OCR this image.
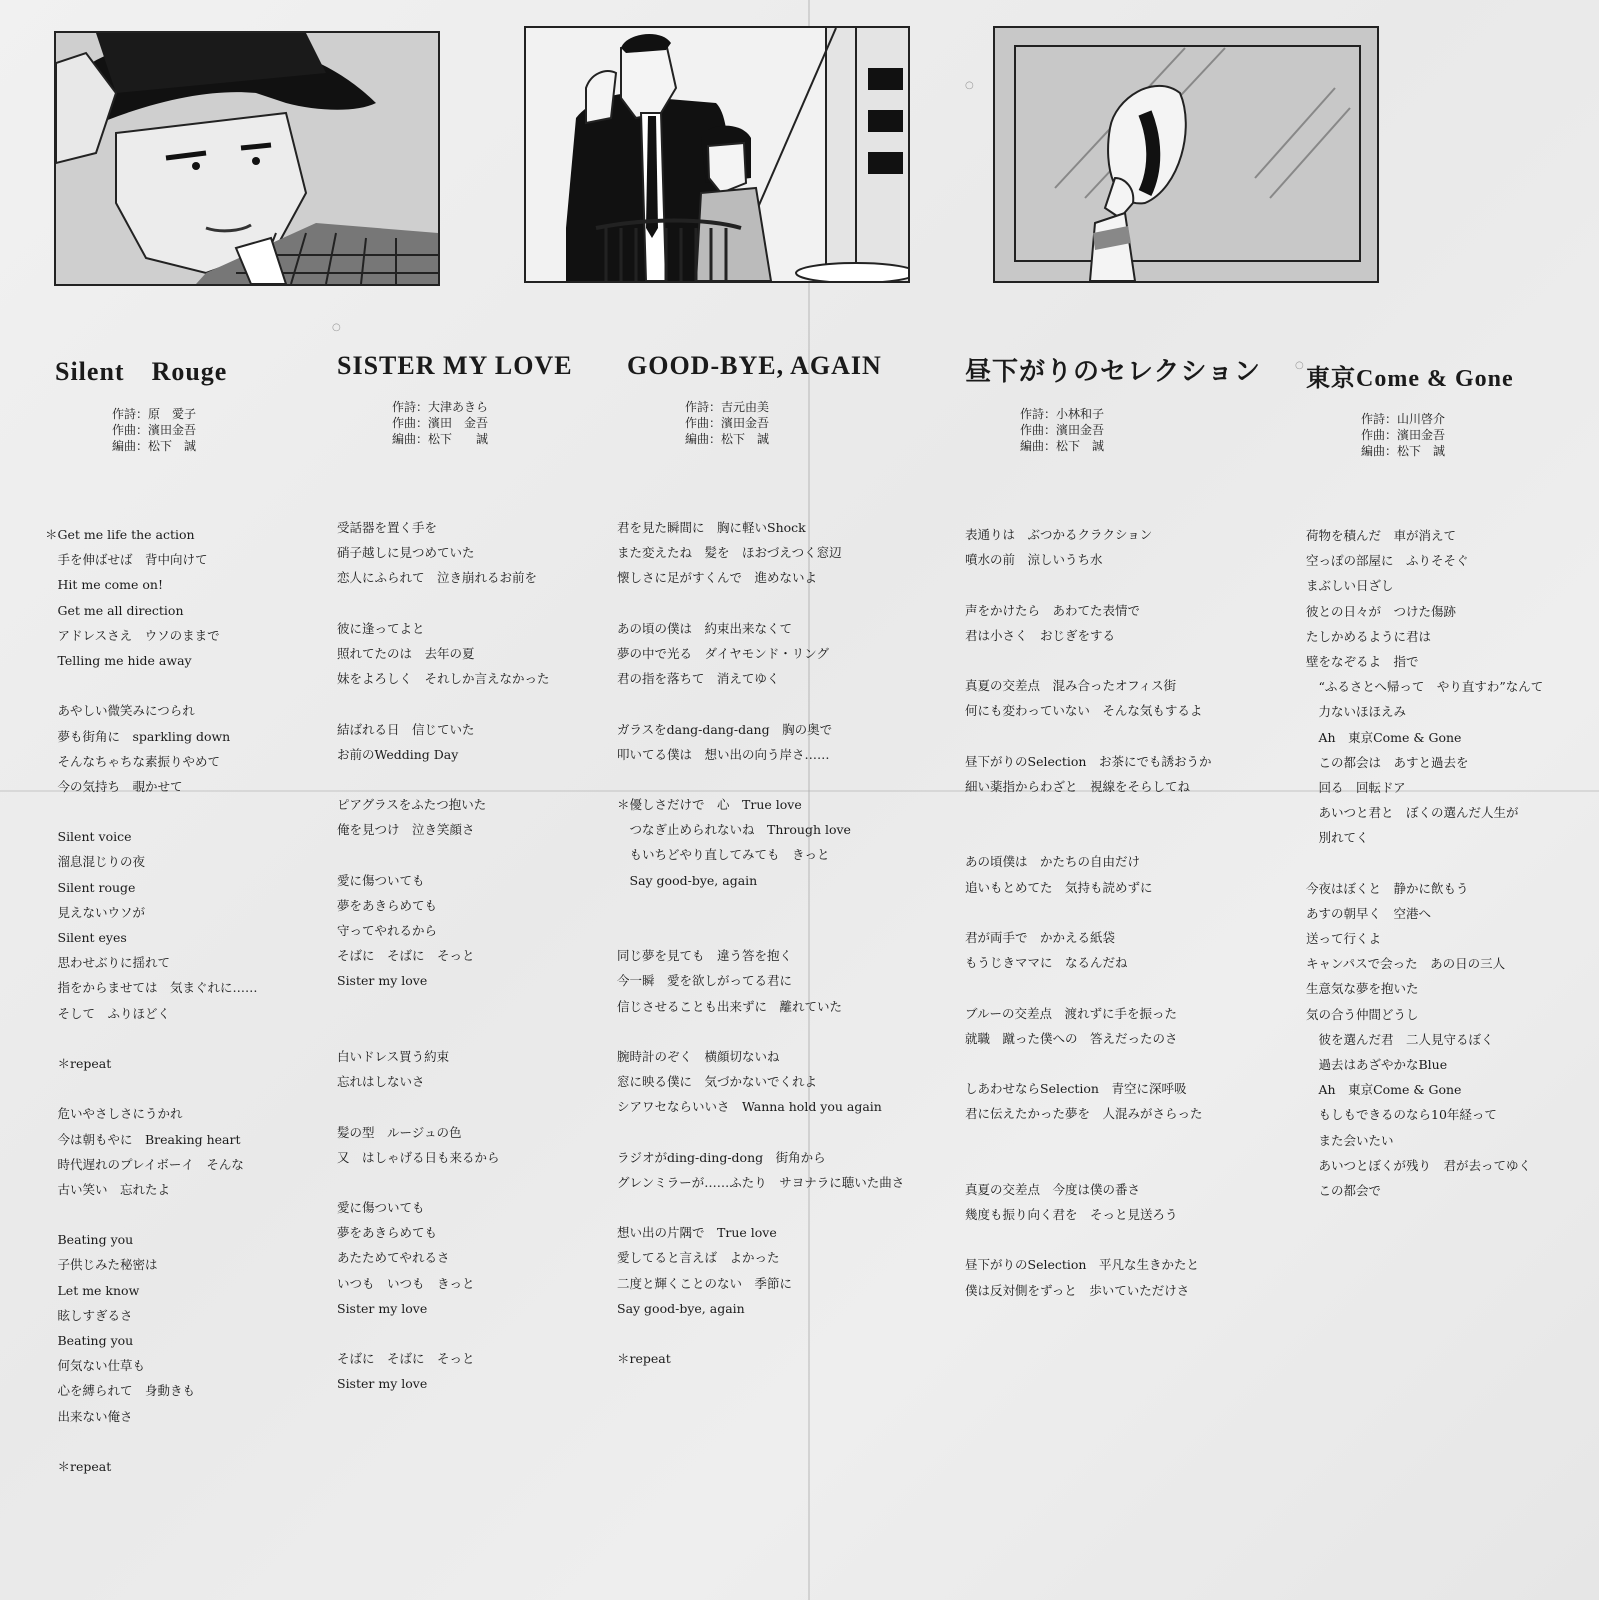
○
○
○
Silent　Rouge
作詩：原　愛子
作曲：濱田金吾
編曲：松下　誠
＊Get me life the action
　手を伸ばせば　背中向けて
　Hit me come on!
　Get me all direction
　アドレスさえ　ウソのままで
　Telling me hide away
　あやしい微笑みにつられ
　夢も街角に　sparkling down
　そんなちゃちな素振りやめて
　今の気持ち　覗かせて
　Silent voice
　溜息混じりの夜
　Silent rouge
　見えないウソが
　Silent eyes
　思わせぶりに揺れて
　指をからませては　気まぐれに……
　そして　ふりほどく
　＊repeat
　危いやさしさにうかれ
　今は朝もやに　Breaking heart
　時代遅れのプレイボーイ　そんな
　古い笑い　忘れたよ
　Beating you
　子供じみた秘密は
　Let me know
　眩しすぎるさ
　Beating you
　何気ない仕草も
　心を縛られて　身動きも
　出来ない俺さ
　＊repeat
SISTER MY LOVE
作詩：大津あきら
作曲：濱田　金吾
編曲：松下　　誠
受話器を置く手を
硝子越しに見つめていた
恋人にふられて　泣き崩れるお前を
彼に逢ってよと
照れてたのは　去年の夏
妹をよろしく　それしか言えなかった
結ばれる日　信じていた
お前のWedding Day
ピアグラスをふたつ抱いた
俺を見つけ　泣き笑顔さ
愛に傷ついても
夢をあきらめても
守ってやれるから
そばに　そばに　そっと
Sister my love
白いドレス買う約束
忘れはしないさ
髪の型　ルージュの色
又　はしゃげる日も来るから
愛に傷ついても
夢をあきらめても
あたためてやれるさ
いつも　いつも　きっと
Sister my love
そばに　そばに　そっと
Sister my love
GOOD-BYE, AGAIN
作詩：吉元由美
作曲：濱田金吾
編曲：松下　誠
君を見た瞬間に　胸に軽いShock
また変えたね　髪を　ほおづえつく窓辺
懐しさに足がすくんで　進めないよ
あの頃の僕は　約束出来なくて
夢の中で光る　ダイヤモンド・リング
君の指を落ちて　消えてゆく
ガラスをdang-dang-dang　胸の奥で
叩いてる僕は　想い出の向う岸さ……
＊優しさだけで　心　True love
　つなぎ止められないね　Through love
　もいちどやり直してみても　きっと
　Say good-bye, again
同じ夢を見ても　違う答を抱く
今一瞬　愛を欲しがってる君に
信じさせることも出来ずに　離れていた
腕時計のぞく　横顔切ないね
窓に映る僕に　気づかないでくれよ
シアワセならいいさ　Wanna hold you again
ラジオがding-ding-dong　街角から
グレンミラーが……ふたり　サヨナラに聴いた曲さ
想い出の片隅で　True love
愛してると言えば　よかった
二度と輝くことのない　季節に
Say good-bye, again
＊repeat
昼下がりのセレクション
作詩：小林和子
作曲：濱田金吾
編曲：松下　誠
表通りは　ぶつかるクラクション
噴水の前　涼しいうち水
声をかけたら　あわてた表情で
君は小さく　おじぎをする
真夏の交差点　混み合ったオフィス街
何にも変わっていない　そんな気もするよ
昼下がりのSelection　お茶にでも誘おうか
細い薬指からわざと　視線をそらしてね
あの頃僕は　かたちの自由だけ
追いもとめてた　気持も読めずに
君が両手で　かかえる紙袋
もうじきママに　なるんだね
ブルーの交差点　渡れずに手を振った
就職　蹴った僕への　答えだったのさ
しあわせならSelection　青空に深呼吸
君に伝えたかった夢を　人混みがさらった
真夏の交差点　今度は僕の番さ
幾度も振り向く君を　そっと見送ろう
昼下がりのSelection　平凡な生きかたと
僕は反対側をずっと　歩いていただけさ
東京Come & Gone
作詩：山川啓介
作曲：濱田金吾
編曲：松下　誠
荷物を積んだ　車が消えて
空っぽの部屋に　ふりそそぐ
まぶしい日ざし
彼との日々が　つけた傷跡
たしかめるように君は
壁をなぞるよ　指で
　“ふるさとへ帰って　やり直すわ”なんて
　力ないほほえみ
　Ah　東京Come & Gone
　この都会は　あすと過去を
　回る　回転ドア
　あいつと君と　ぼくの選んだ人生が
　別れてく
今夜はぼくと　静かに飲もう
あすの朝早く　空港へ
送って行くよ
キャンパスで会った　あの日の三人
生意気な夢を抱いた
気の合う仲間どうし
　彼を選んだ君　二人見守るぼく
　過去はあざやかなBlue
　Ah　東京Come & Gone
　もしもできるのなら10年経って
　また会いたい
　あいつとぼくが残り　君が去ってゆく
　この都会で
